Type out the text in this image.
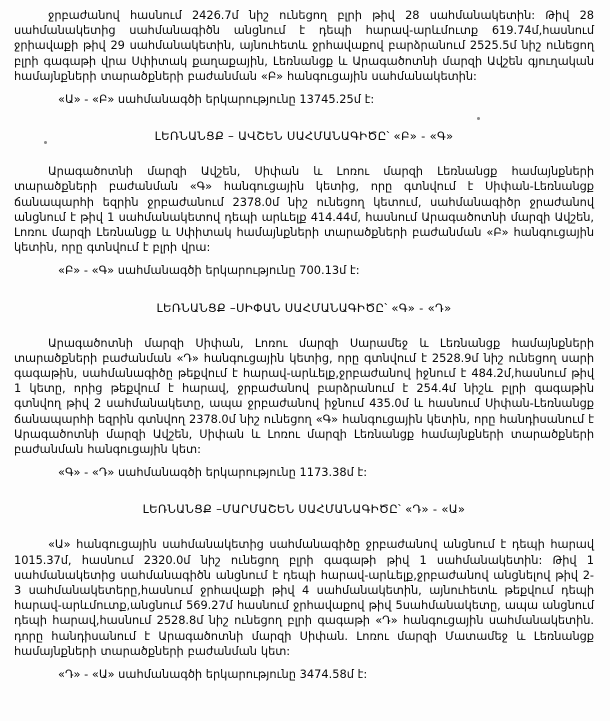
ջրբաժանով հասնում 2426.7մ նիշ ունեցող բլրի թիվ 28 սահմանակետին: Թիվ 28 սահմանակետից սահմանագիծն անցնում է դեպի հարավ-արևմուտք 619.74մ,հասնում ջրիավաքի թիվ 29 սահմանակետին, այնուհետև ջրհավաքով բարձրանում 2525.5մ նիշ ունեցող բլրի գագաթի վրա Սփիտակ քաղաքային, Լեռնանցք և Արագածոտնի մարզի Ավշեն գյուղական համայնքների տարածքների բաժանման «Բ» հանգուցային սահմանակետին:

«Ա» - «Բ» սահմանագծի երկարությունը 13745.25մ է:

ԼԵՌՆԱՆՑՔ – ԱՎՇԵՆ ՍԱՀՄԱՆԱԳԻԾԸ՝ «Բ» - «Գ»

Արագածոտնի մարզի Ավշեն, Սիփան և Լոռու մարզի Լեռնանցք համայնքների տարածքների բաժանման «Գ» հանգուցային կետից, որը գտնվում է Սիփան-Լեռնանցք ճանապարհի եզրին ջրբաժանում 2378.0մ նիշ ունեցող կետում, սահմանագիծր ջրաժանով անցնում է թիվ 1 սահմանակետով դեպի արևելք 414.44մ, հասնում Արագածոտնի մարզի Ավշեն, Լոռու մարզի Լեռնանցք և Սփիտակ համայնքների տարածքների բաժանման «Բ» հանգուցային կետին, որը գտնվում է բլրի վրա:

«Բ» - «Գ» սահմանագծի երկարությունը 700.13մ է:

ԼԵՌՆԱՆՑՔ –ՍԻՓԱՆ ՍԱՀՄԱՆԱԳԻԾԸ՝ «Գ» - «Դ»

Արագածոտնի մարզի Սիփան, Լոռու մարզի Սարամեջ և Լեռնանցք համայնքների տարածքների բաժանման «Դ» հանգուցային կետից, որը գտնվում է 2528.9մ նիշ ունեցող սարի գագաթին, սահմանագիծը թեքվում է հարավ-արևելք,ջրբաժանով իջնում է 484.2մ,հասնում թիվ 1 կետը, որից թեքվում է հարավ, ջրբաժանով բարձրանում է 254.4մ նիշև բլրի գագաթին գտնվող թիվ 2 սահմանակետը, ապա ջրբաժանով իջնում 435.0մ և հասնում Սիփան-Լեռնանցք ճանապարհի եզրին գտնվող 2378.0մ նիշ ունեցող «Գ» հանգուցային կետին, որը հանդիսանում է Արագածոտնի մարզի Ավշեն, Սիփան և Լոռու մարզի Լեռնանցք համայնքների տարածքների բաժանման հանգուցային կետ:

«Գ» - «Դ» սահմանագծի երկարությունը 1173.38մ է:

ԼԵՌՆԱՆՑՔ –ՄԱՐՄԱՇԵՆ ՍԱՀՄԱՆԱԳԻԾԸ՝ «Դ» - «Ա»

«Ա» հանգուցային սահմանակետից սահմանագիծը ջրբաժանով անցնում է դեպի հարավ 1015.37մ, հասնում 2320.0մ նիշ ունեցող բլրի գագաթի թիվ 1 սահմանակետին: Թիվ 1 սահմանակետից սահմանագիծն անցնում է դեպի հարավ-արևելք,ջրբաժանով անցնելով թիվ 2-3 սահմանակետերը,հասնում ջրհավաքի թիվ 4 սահմանակետին, այնուհետև թեքվում դեպի հարավ-արևմուտք,անցնում 569.27մ հասնում ջրհավաքով թիվ 5սահմանակետը, ապա անցնում դեպի հարավ,հասնում 2528.8մ նիշ ունեցող բլրի գագաթի «Դ» հանգուցային սահմանակետին. դորը հանդիսանում է Արագածոտնի մարզի Սիփան. Լոռու մարզի Մատամեջ և Լեռնանցք համայնքների տարածքների բաժանման կետ:

«Դ» - «Ա» սահմանագծի երկարությունը 3474.58մ է:
